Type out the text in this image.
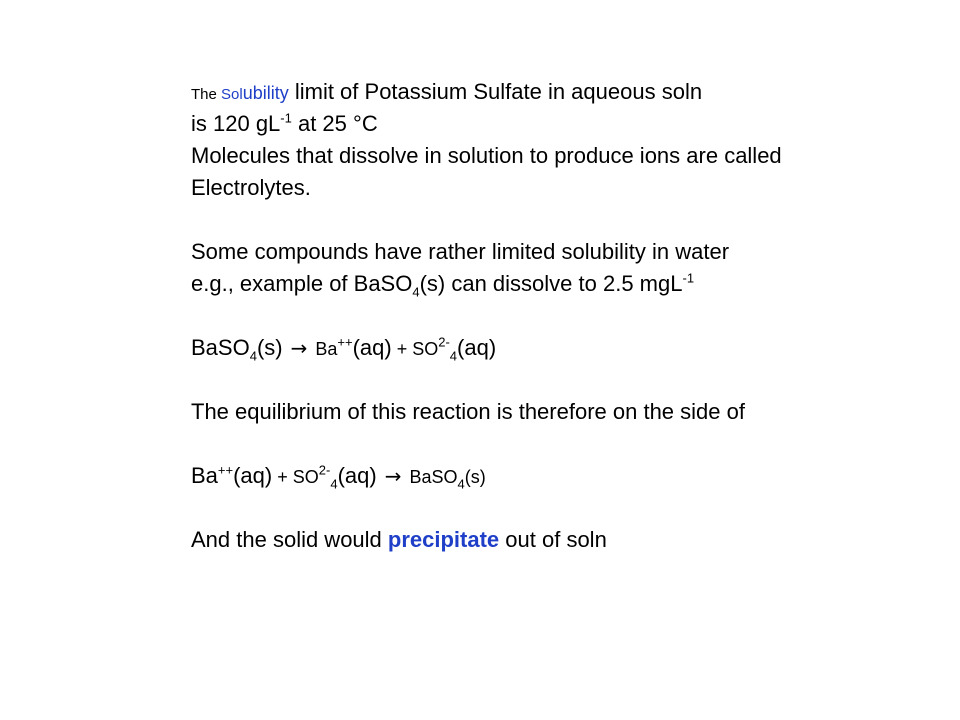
The Solubility limit of Potassium Sulfate in aqueous soln
is 120 $gL^{-1}$ at 25 °C
Molecules that dissolve in solution to produce ions are called
Electrolytes.
Some compounds have rather limited solubility in water
e.g., example of BaSO$_4$(s) can dissolve to 2.5 mgL$^{-1}$
BaSO$_4$(s) → $Ba^{++}(aq) + SO^{2-}_4(aq)$
The equilibrium of this reaction is therefore on the side of
$Ba^{++}(aq) + SO^{2-}_4(aq)$ → BaSO$_4$(s)
And the solid would precipitate out of soln
